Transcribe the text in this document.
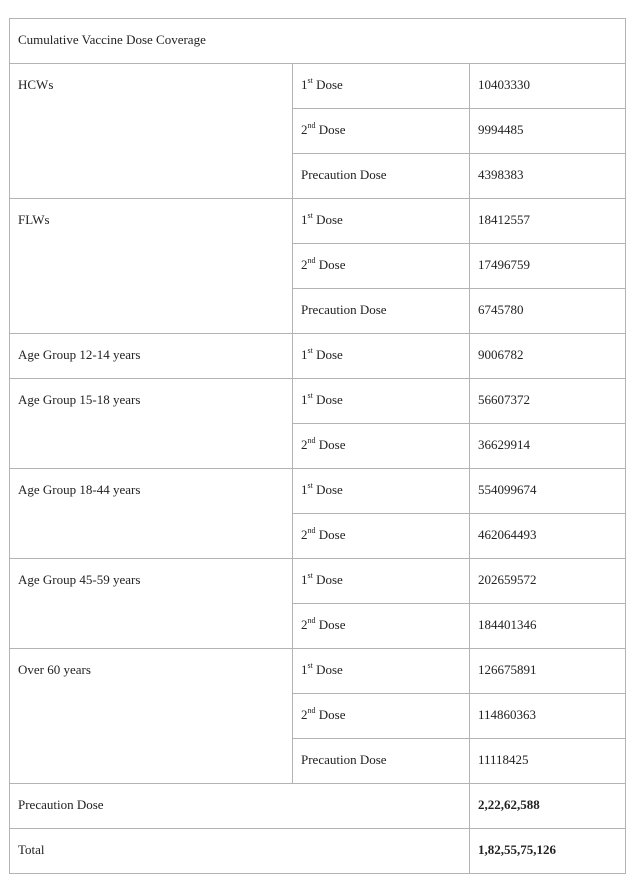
Cumulative Vaccine Dose Coverage		
HCWs	1st Dose	10403330
	2nd Dose	9994485
	Precaution Dose	4398383
FLWs	1st Dose	18412557
	2nd Dose	17496759
	Precaution Dose	6745780
Age Group 12-14 years	1st Dose	9006782
Age Group 15-18 years	1st Dose	56607372
	2nd Dose	36629914
Age Group 18-44 years	1st Dose	554099674
	2nd Dose	462064493
Age Group 45-59 years	1st Dose	202659572
	2nd Dose	184401346
Over 60 years	1st Dose	126675891
	2nd Dose	114860363
	Precaution Dose	11118425
Precaution Dose		2,22,62,588
Total		1,82,55,75,126
